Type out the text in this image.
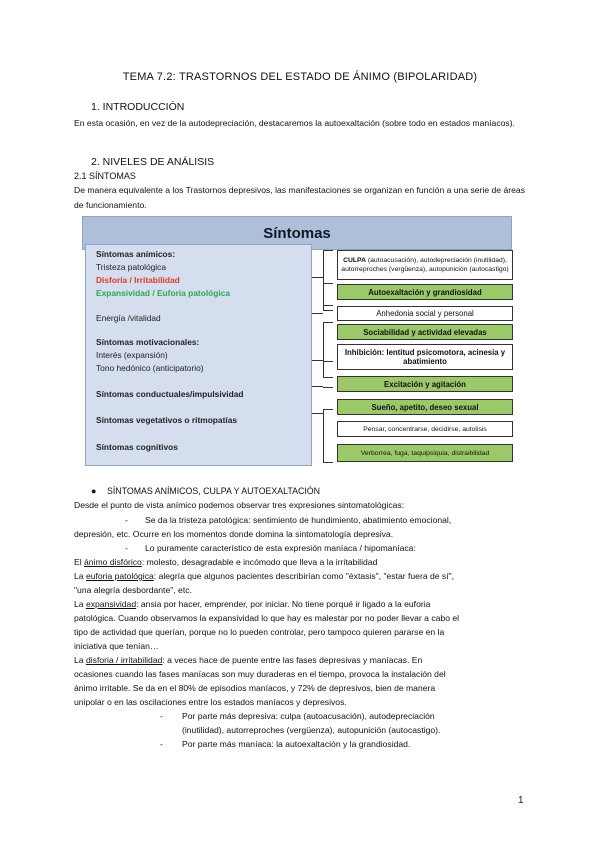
TEMA 7.2: TRASTORNOS DEL ESTADO DE ÁNIMO (BIPOLARIDAD)
1. INTRODUCCIÓN
En esta ocasión, en vez de la autodepreciación, destacaremos la autoexaltación (sobre todo en estados maníacos).
2. NIVELES DE ANÁLISIS
2.1 SÍNTOMAS
De manera equivalente a los Trastornos depresivos, las manifestaciones se organizan en función a una serie de áreas de funcionamiento.
Síntomas
Síntomas anímicos:
Tristeza patológica
Disforia / Irritabilidad
Expansividad / Euforia patológica
Energía /vitalidad
Síntomas motivacionales:
Interés (expansión)
Tono hedónico (anticipatorio)
Síntomas conductuales/impulsividad
Síntomas vegetativos o ritmopatías
Síntomas cognitivos
CULPA (autoacusación), autodepreciación (inutilidad), autorreproches (vergüenza), autopunición (autocastigo)
Autoexaltación y grandiosidad
Anhedonia social y personal
Sociabilidad y actividad elevadas
Inhibición: lentitud psicomotora, acinesia y abatimiento
Excitación y agitación
Sueño, apetito, deseo sexual
Pensar, concentrarse, decidirse, autolisis
Verborrea, fuga, taquipsiquia, distraibilidad
● SÍNTOMAS ANÍMICOS, CULPA Y AUTOEXALTACIÓN
Desde el punto de vista anímico podemos observar tres expresiones sintomatológicas:
-	Se da la tristeza patológica: sentimiento de hundimiento, abatimiento emocional,
depresión, etc. Ocurre en los momentos donde domina la sintomatología depresiva.
-	Lo puramente característico de esta expresión maníaca / hipomaníaca:
El ánimo disfórico: molesto, desagradable e incómodo que lleva a la irritabilidad
La euforia patológica: alegría que algunos pacientes describirían como "éxtasis", "estar fuera de sí",
"una alegría desbordante", etc.
La expansividad: ansia por hacer, emprender, por iniciar. No tiene porqué ir ligado a la euforia
patológica. Cuando observamos la expansividad lo que hay es malestar por no poder llevar a cabo el
tipo de actividad que querían, porque no lo pueden controlar, pero tampoco quieren pararse en la
iniciativa que tenían…
La disforia / irritabilidad: a veces hace de puente entre las fases depresivas y maníacas. En
ocasiones cuando las fases maníacas son muy duraderas en el tiempo, provoca la instalación del
ánimo irritable. Se da en el 80% de episodios maníacos, y 72% de depresivos, bien de manera
unipolar o en las oscilaciones entre los estados maníacos y depresivos.
-	Por parte más depresiva: culpa (autoacusación), autodepreciación
(inutilidad), autorreproches (vergüenza), autopunición (autocastigo).
-	Por parte más maníaca: la autoexaltación y la grandiosidad.
1
